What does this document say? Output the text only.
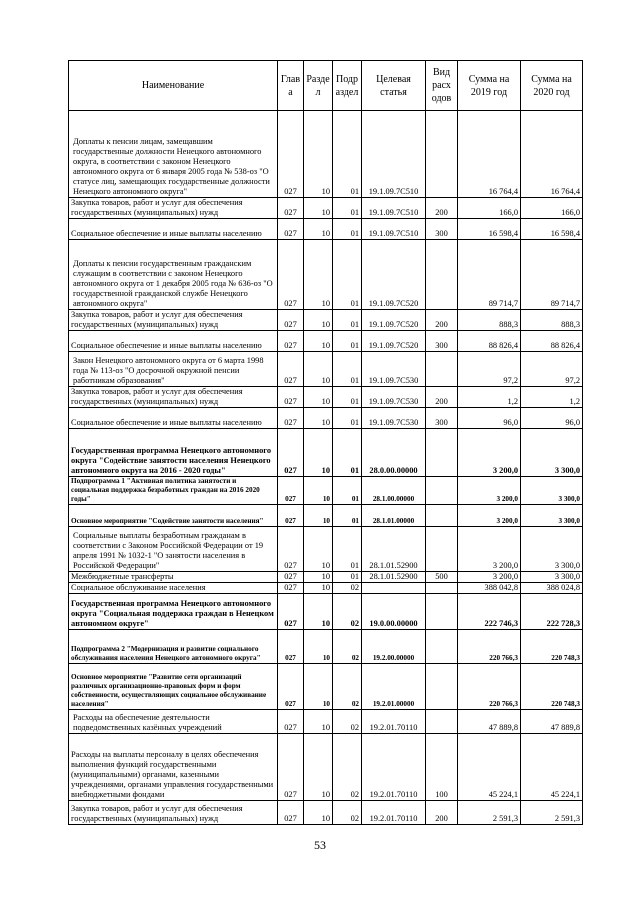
Наименование	Глав а	Разде л	Подр аздел	Целевая статья	Вид расх одов	Сумма на 2019 год	Сумма на 2020 год
Доплаты к пенсии лицам, замещавшим государственные должности Ненецкого автономного округа, в соответствии с законом Ненецкого автономного округа от 6 января 2005 года № 538-оз "О статусе лиц, замещающих государственные должности Ненецкого автономного округа"	027	10	01	19.1.09.7С510		16 764,4	16 764,4
Закупка товаров, работ и услуг для обеспечения государственных (муниципальных) нужд	027	10	01	19.1.09.7С510	200	166,0	166,0
Социальное обеспечение и иные выплаты населению	027	10	01	19.1.09.7С510	300	16 598,4	16 598,4
Доплаты к пенсии государственным гражданским служащим в соответствии с законом Ненецкого автономного округа от 1 декабря 2005 года № 636-оз "О государственной гражданской службе Ненецкого автономного округа"	027	10	01	19.1.09.7С520		89 714,7	89 714,7
Закупка товаров, работ и услуг для обеспечения государственных (муниципальных) нужд	027	10	01	19.1.09.7С520	200	888,3	888,3
Социальное обеспечение и иные выплаты населению	027	10	01	19.1.09.7С520	300	88 826,4	88 826,4
Закон Ненецкого автономного округа от 6 марта 1998 года № 113-оз "О досрочной окружной пенсии работникам образования"	027	10	01	19.1.09.7С530		97,2	97,2
Закупка товаров, работ и услуг для обеспечения государственных (муниципальных) нужд	027	10	01	19.1.09.7С530	200	1,2	1,2
Социальное обеспечение и иные выплаты населению	027	10	01	19.1.09.7С530	300	96,0	96,0
Государственная программа Ненецкого автономного округа "Содействие занятости населения Ненецкого автономного округа на 2016 - 2020 годы"	027	10	01	28.0.00.00000		3 200,0	3 300,0
Подпрограмма 1 "Активная политика занятости и социальная поддержка безработных граждан на 2016 2020 годы"	027	10	01	28.1.00.00000		3 200,0	3 300,0
Основное мероприятие "Содействие занятости населения"	027	10	01	28.1.01.00000		3 200,0	3 300,0
Социальные выплаты безработным гражданам в соответствии с Законом Российской Федерации от 19 апреля 1991 № 1032-1 "О занятости населения в Российской Федерации"	027	10	01	28.1.01.52900		3 200,0	3 300,0
Межбюджетные трансферты	027	10	01	28.1.01.52900	500	3 200,0	3 300,0
Социальное обслуживание населения	027	10	02			388 042,8	388 024,8
Государственная программа Ненецкого автономного округа "Социальная поддержка граждан в Ненецком автономном округе"	027	10	02	19.0.00.00000		222 746,3	222 728,3
Подпрограмма 2 "Модернизация и развитие социального обслуживания населения Ненецкого автономного округа"	027	10	02	19.2.00.00000		220 766,3	220 748,3
Основное мероприятие "Развитие сети организаций различных организационно-правовых форм и форм собственности, осуществляющих социальное обслуживание населения"	027	10	02	19.2.01.00000		220 766,3	220 748,3
Расходы на обеспечение деятельности подведомственных казённых учреждений	027	10	02	19.2.01.70110		47 889,8	47 889,8
Расходы на выплаты персоналу в целях обеспечения выполнения функций государственными (муниципальными) органами, казенными учреждениями, органами управления государственными внебюджетными фондами	027	10	02	19.2.01.70110	100	45 224,1	45 224,1
Закупка товаров, работ и услуг для обеспечения государственных (муниципальных) нужд	027	10	02	19.2.01.70110	200	2 591,3	2 591,3
53
